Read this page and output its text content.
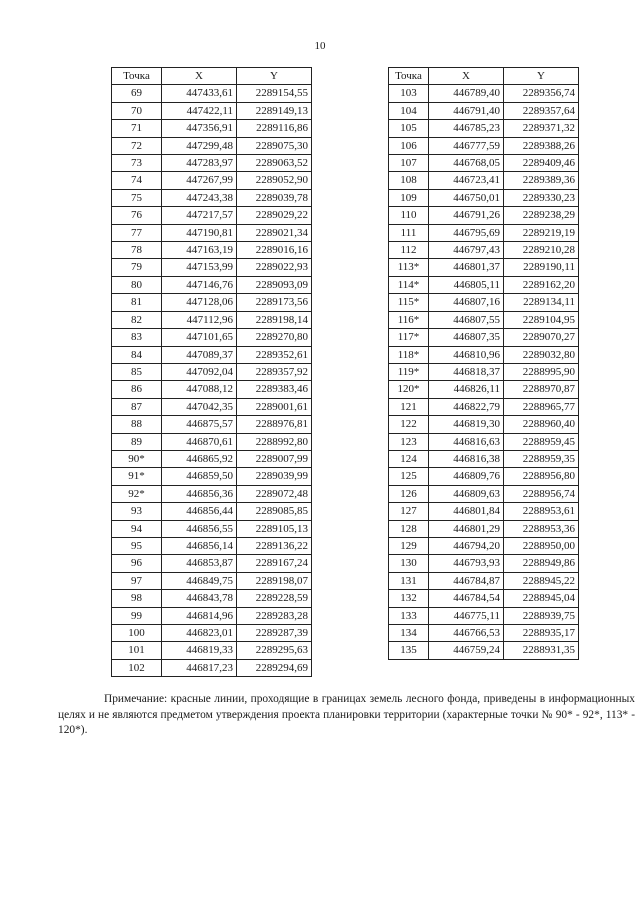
10
Точка	X	Y
69	447433,61	2289154,55
70	447422,11	2289149,13
71	447356,91	2289116,86
72	447299,48	2289075,30
73	447283,97	2289063,52
74	447267,99	2289052,90
75	447243,38	2289039,78
76	447217,57	2289029,22
77	447190,81	2289021,34
78	447163,19	2289016,16
79	447153,99	2289022,93
80	447146,76	2289093,09
81	447128,06	2289173,56
82	447112,96	2289198,14
83	447101,65	2289270,80
84	447089,37	2289352,61
85	447092,04	2289357,92
86	447088,12	2289383,46
87	447042,35	2289001,61
88	446875,57	2288976,81
89	446870,61	2288992,80
90*	446865,92	2289007,99
91*	446859,50	2289039,99
92*	446856,36	2289072,48
93	446856,44	2289085,85
94	446856,55	2289105,13
95	446856,14	2289136,22
96	446853,87	2289167,24
97	446849,75	2289198,07
98	446843,78	2289228,59
99	446814,96	2289283,28
100	446823,01	2289287,39
101	446819,33	2289295,63
102	446817,23	2289294,69
Точка	X	Y
103	446789,40	2289356,74
104	446791,40	2289357,64
105	446785,23	2289371,32
106	446777,59	2289388,26
107	446768,05	2289409,46
108	446723,41	2289389,36
109	446750,01	2289330,23
110	446791,26	2289238,29
111	446795,69	2289219,19
112	446797,43	2289210,28
113*	446801,37	2289190,11
114*	446805,11	2289162,20
115*	446807,16	2289134,11
116*	446807,55	2289104,95
117*	446807,35	2289070,27
118*	446810,96	2289032,80
119*	446818,37	2288995,90
120*	446826,11	2288970,87
121	446822,79	2288965,77
122	446819,30	2288960,40
123	446816,63	2288959,45
124	446816,38	2288959,35
125	446809,76	2288956,80
126	446809,63	2288956,74
127	446801,84	2288953,61
128	446801,29	2288953,36
129	446794,20	2288950,00
130	446793,93	2288949,86
131	446784,87	2288945,22
132	446784,54	2288945,04
133	446775,11	2288939,75
134	446766,53	2288935,17
135	446759,24	2288931,35
Примечание: красные линии, проходящие в границах земель лесного фонда, приведены в информационных целях и не являются предметом утверждения проекта планировки территории (характерные точки № 90* - 92*, 113* - 120*).
